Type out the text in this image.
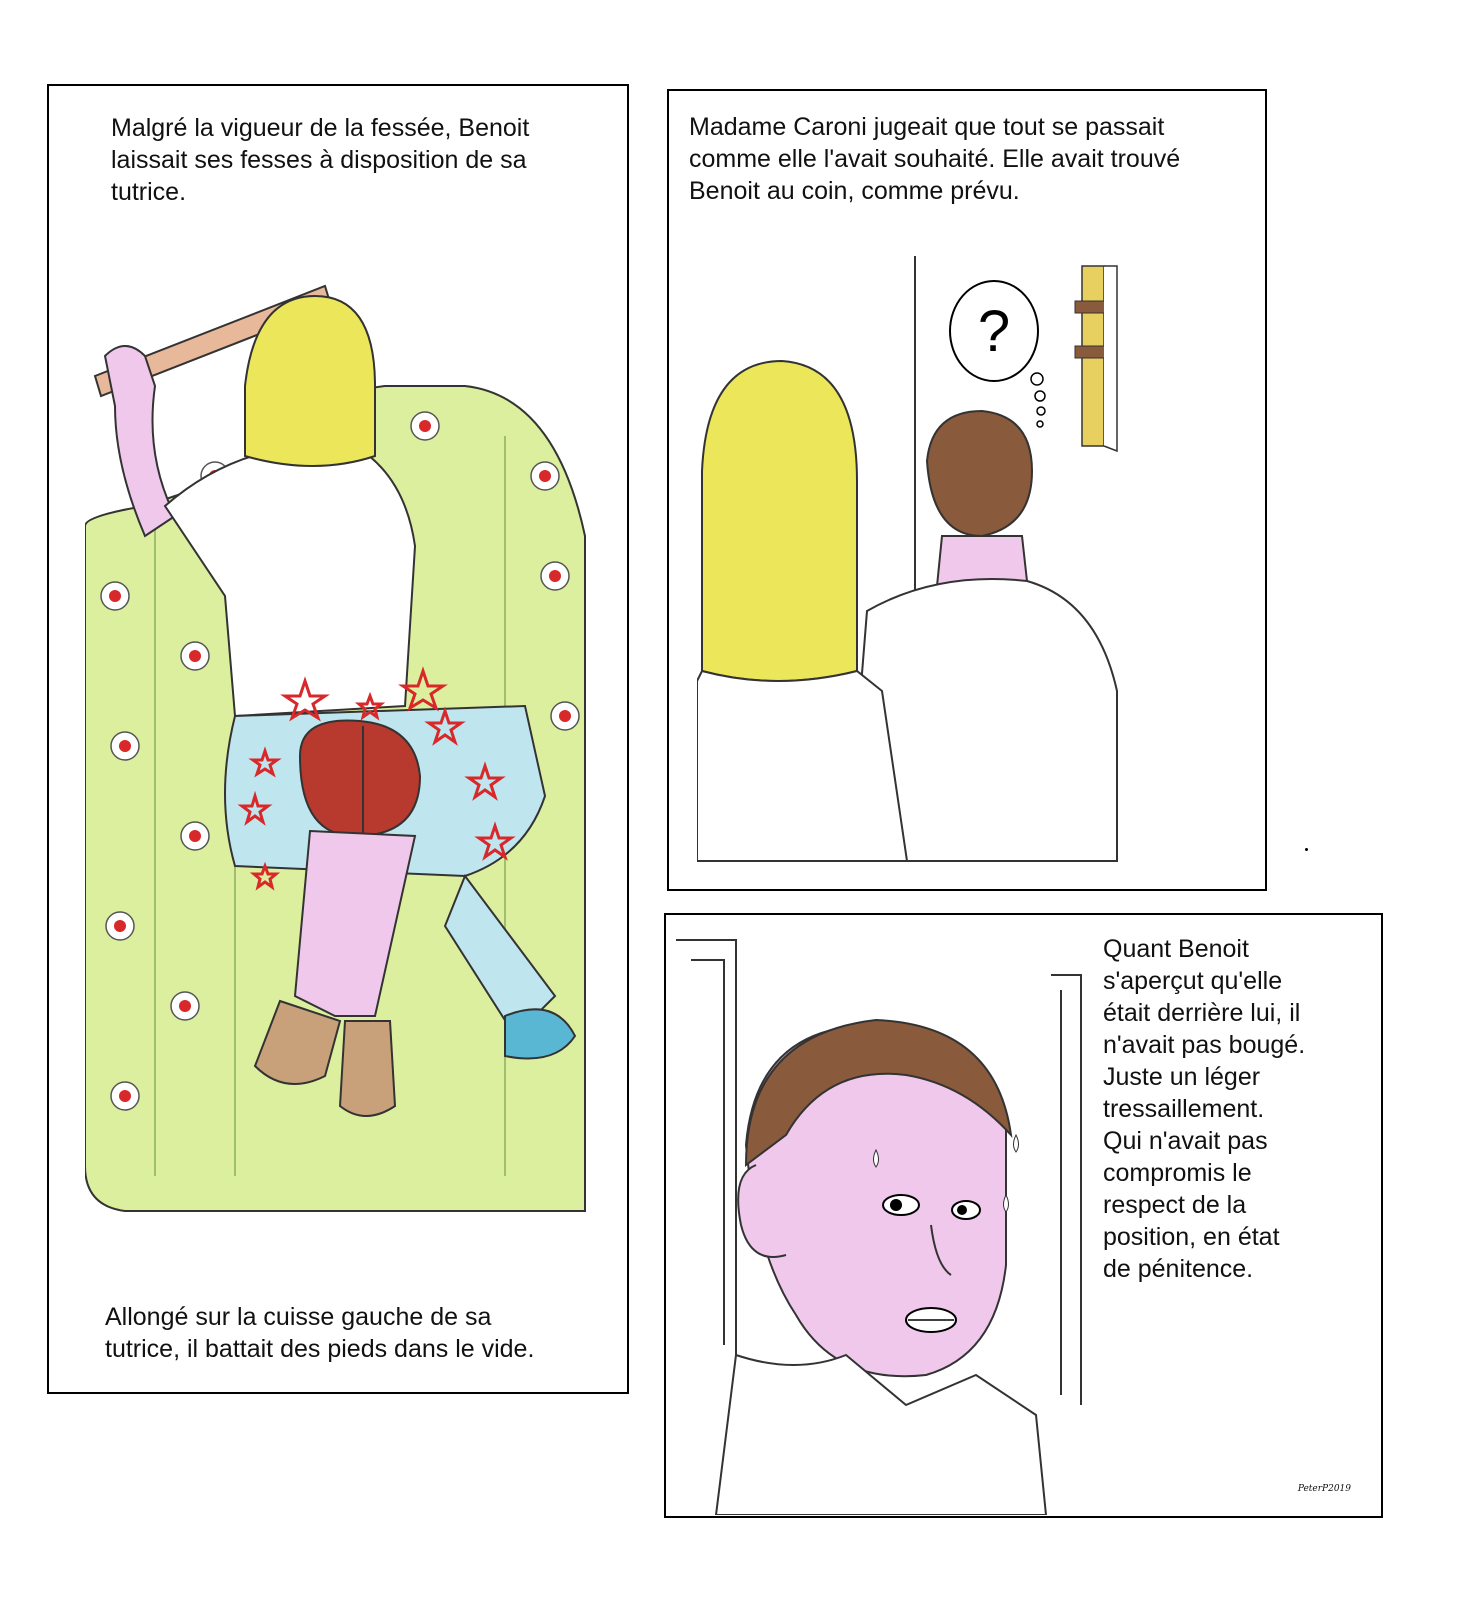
Malgré la vigueur de la fessée, Benoit
laissait ses fesses à disposition de sa
tutrice.

Allongé sur la cuisse gauche de sa
tutrice, il battait des pieds dans le vide.

Madame Caroni jugeait que tout se passait
comme elle l'avait souhaité. Elle avait trouvé
Benoit au coin, comme prévu.

?

Quant Benoit
s'aperçut qu'elle
était derrière lui, il
n'avait pas bougé.
Juste un léger
tressaillement.
Qui n'avait pas
compromis le
respect de la
position, en état
de pénitence.

PeterP2019
